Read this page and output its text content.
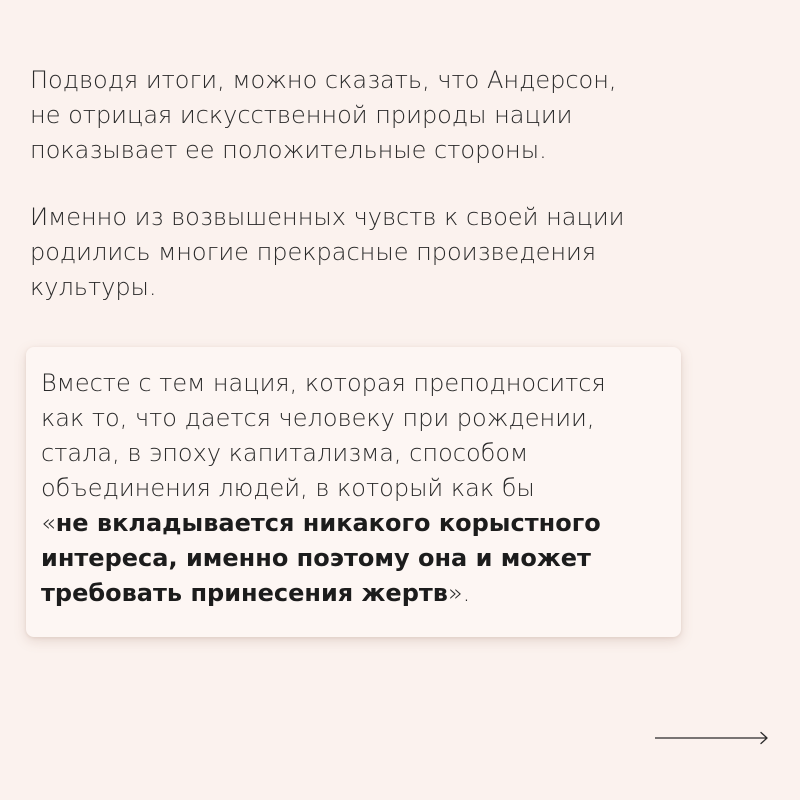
Подводя итоги, можно сказать, что Андерсон,
не отрицая искусственной природы нации
показывает ее положительные стороны.

Именно из возвышенных чувств к своей нации
родились многие прекрасные произведения
культуры.

Вместе с тем нация, которая преподносится
как то, что дается человеку при рождении,
стала, в эпоху капитализма, способом
объединения людей, в который как бы
«не вкладывается никакого корыстного
интереса, именно поэтому она и может
требовать принесения жертв».
